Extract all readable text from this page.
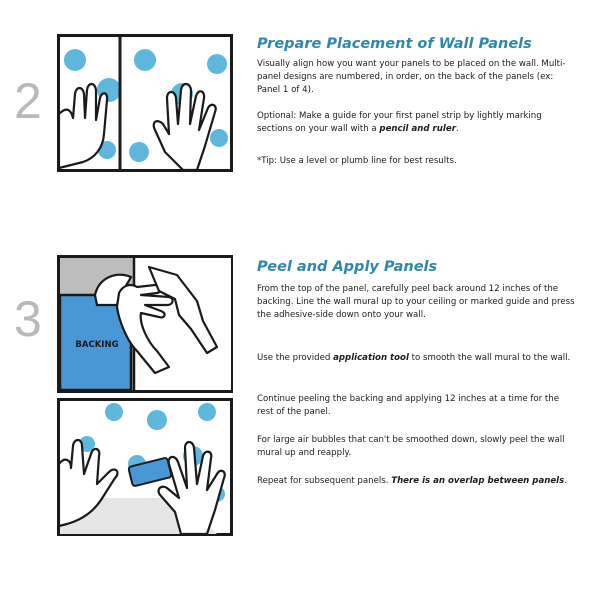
2
Prepare Placement of Wall Panels

Visually align how you want your panels to be placed on the wall. Multi-panel designs are numbered, in order, on the back of the panels (ex: Panel 1 of 4).

Optional: Make a guide for your first panel strip by lightly marking sections on your wall with a pencil and ruler.

*Tip: Use a level or plumb line for best results.

3	BACKING
Peel and Apply Panels

From the top of the panel, carefully peel back around 12 inches of the backing. Line the wall mural up to your ceiling or marked guide and press the adhesive-side down onto your wall.

Use the provided application tool to smooth the wall mural to the wall.

Continue peeling the backing and applying 12 inches at a time for the rest of the panel.

For large air bubbles that can't be smoothed down, slowly peel the wall mural up and reapply.

Repeat for subsequent panels. There is an overlap between panels.
